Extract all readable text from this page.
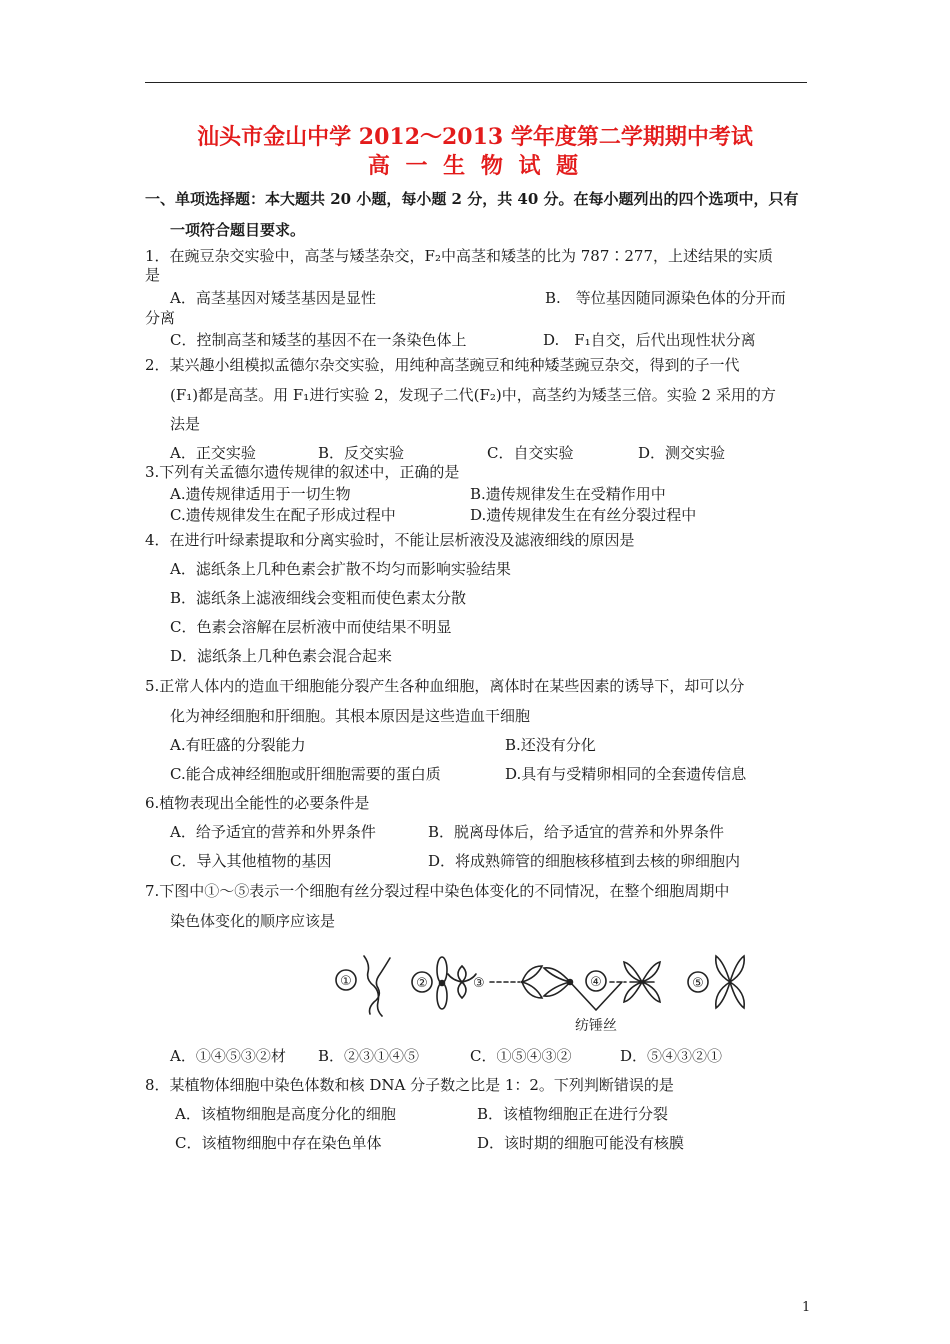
汕头市金山中学 2012～2013 学年度第二学期期中考试
高 一 生 物 试 题
一、单项选择题：本大题共 20 小题，每小题 2 分，共 40 分。在每小题列出的四个选项中，只有
一项符合题目要求。
1．在豌豆杂交实验中，高茎与矮茎杂交，F₂中高茎和矮茎的比为 787∶277，上述结果的实质
是
A．高茎基因对矮茎基因是显性	B.　等位基因随同源染色体的分开而
分离
C．控制高茎和矮茎的基因不在一条染色体上	D.　F₁自交，后代出现性状分离
2．某兴趣小组模拟孟德尔杂交实验，用纯种高茎豌豆和纯种矮茎豌豆杂交，得到的子一代
(F₁)都是高茎。用 F₁进行实验 2，发现子二代(F₂)中，高茎约为矮茎三倍。实验 2 采用的方
法是
A．正交实验	B．反交实验	C．自交实验	D．测交实验
3.下列有关孟德尔遗传规律的叙述中，正确的是
A.遗传规律适用于一切生物	B.遗传规律发生在受精作用中
C.遗传规律发生在配子形成过程中	D.遗传规律发生在有丝分裂过程中
4．在进行叶绿素提取和分离实验时，不能让层析液没及滤液细线的原因是
A．滤纸条上几种色素会扩散不均匀而影响实验结果
B．滤纸条上滤液细线会变粗而使色素太分散
C．色素会溶解在层析液中而使结果不明显
D．滤纸条上几种色素会混合起来
5.正常人体内的造血干细胞能分裂产生各种血细胞，离体时在某些因素的诱导下，却可以分
化为神经细胞和肝细胞。其根本原因是这些造血干细胞
A.有旺盛的分裂能力	B.还没有分化
C.能合成神经细胞或肝细胞需要的蛋白质	D.具有与受精卵相同的全套遗传信息
6.植物表现出全能性的必要条件是
A．给予适宜的营养和外界条件	B．脱离母体后，给予适宜的营养和外界条件
C．导入其他植物的基因	D．将成熟筛管的细胞核移植到去核的卵细胞内
7.下图中①～⑤表示一个细胞有丝分裂过程中染色体变化的不同情况，在整个细胞周期中
染色体变化的顺序应该是
①	②	③	④	⑤
纺锤丝
A．①④⑤③②材 B．②③①④⑤	C．①⑤④③②	D．⑤④③②①
8．某植物体细胞中染色体数和核 DNA 分子数之比是 1：2。下列判断错误的是
A．该植物细胞是高度分化的细胞	B．该植物细胞正在进行分裂
C．该植物细胞中存在染色单体	D．该时期的细胞可能没有核膜
1
